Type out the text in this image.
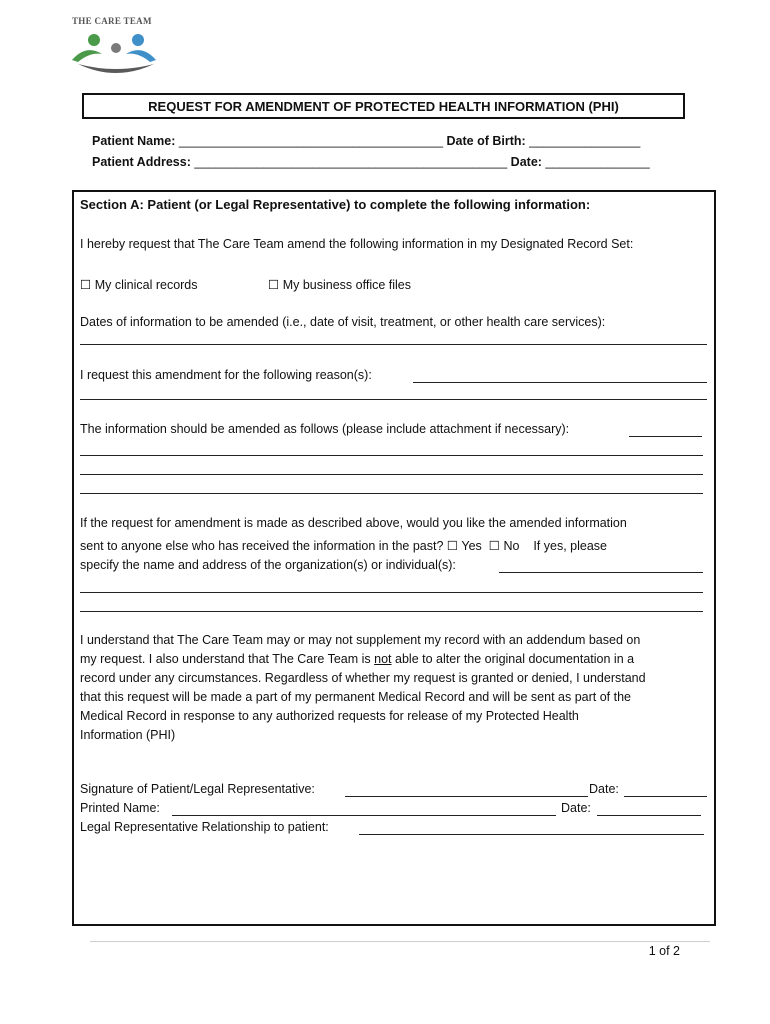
THE CARE TEAM
REQUEST FOR AMENDMENT OF PROTECTED HEALTH INFORMATION (PHI)
Patient Name: ______________________________________ Date of Birth: ________________
Patient Address: _____________________________________________ Date: _______________
Section A: Patient (or Legal Representative) to complete the following information:
I hereby request that The Care Team amend the following information in my Designated Record Set:
☐ My clinical records	☐ My business office files
Dates of information to be amended (i.e., date of visit, treatment, or other health care services):
I request this amendment for the following reason(s):
The information should be amended as follows (please include attachment if necessary):
If the request for amendment is made as described above, would you like the amended information
sent to anyone else who has received the information in the past? ☐ Yes ☐ No If yes, please
specify the name and address of the organization(s) or individual(s):
I understand that The Care Team may or may not supplement my record with an addendum based on
my request. I also understand that The Care Team is not able to alter the original documentation in a
record under any circumstances. Regardless of whether my request is granted or denied, I understand
that this request will be made a part of my permanent Medical Record and will be sent as part of the
Medical Record in response to any authorized requests for release of my Protected Health
Information (PHI)
Signature of Patient/Legal Representative:	Date:
Printed Name:	Date:
Legal Representative Relationship to patient:
1 of 2
